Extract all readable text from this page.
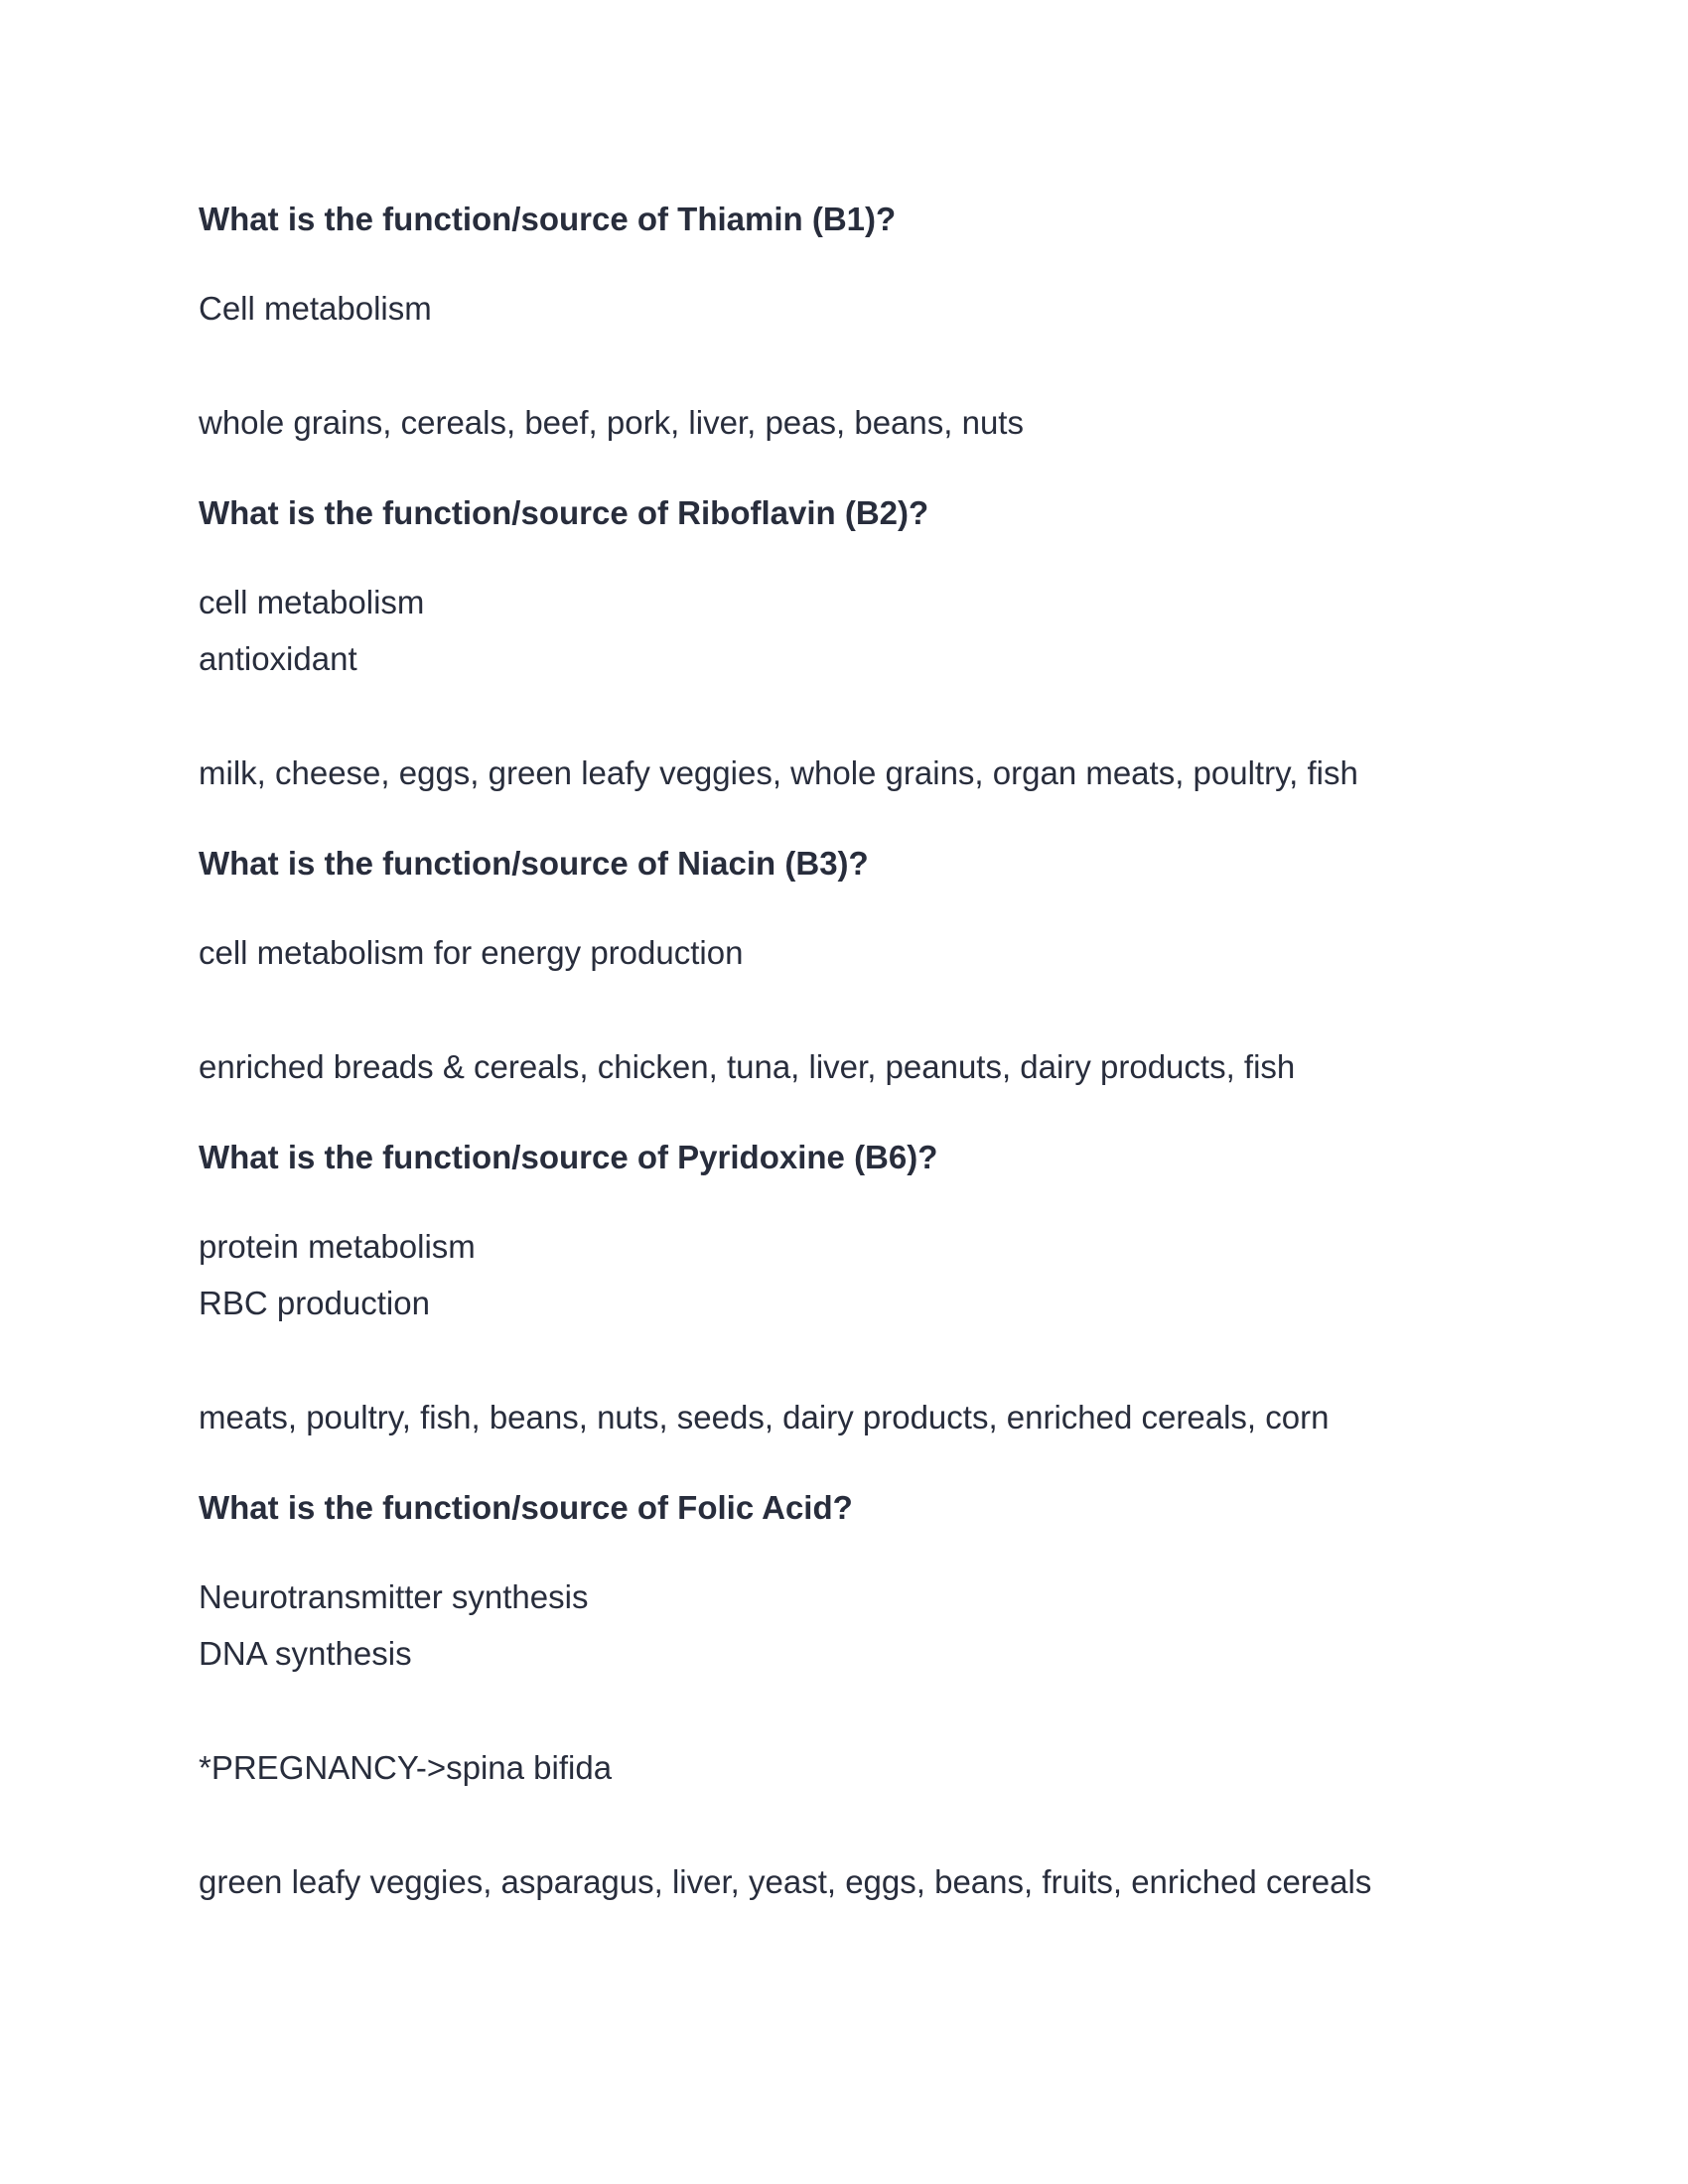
What is the function/source of Thiamin (B1)?
Cell metabolism
whole grains, cereals, beef, pork, liver, peas, beans, nuts
What is the function/source of Riboflavin (B2)?
cell metabolism
antioxidant
milk, cheese, eggs, green leafy veggies, whole grains, organ meats, poultry, fish
What is the function/source of Niacin (B3)?
cell metabolism for energy production
enriched breads & cereals, chicken, tuna, liver, peanuts, dairy products, fish
What is the function/source of Pyridoxine (B6)?
protein metabolism
RBC production
meats, poultry, fish, beans, nuts, seeds, dairy products, enriched cereals, corn
What is the function/source of Folic Acid?
Neurotransmitter synthesis
DNA synthesis
*PREGNANCY->spina bifida
green leafy veggies, asparagus, liver, yeast, eggs, beans, fruits, enriched cereals
